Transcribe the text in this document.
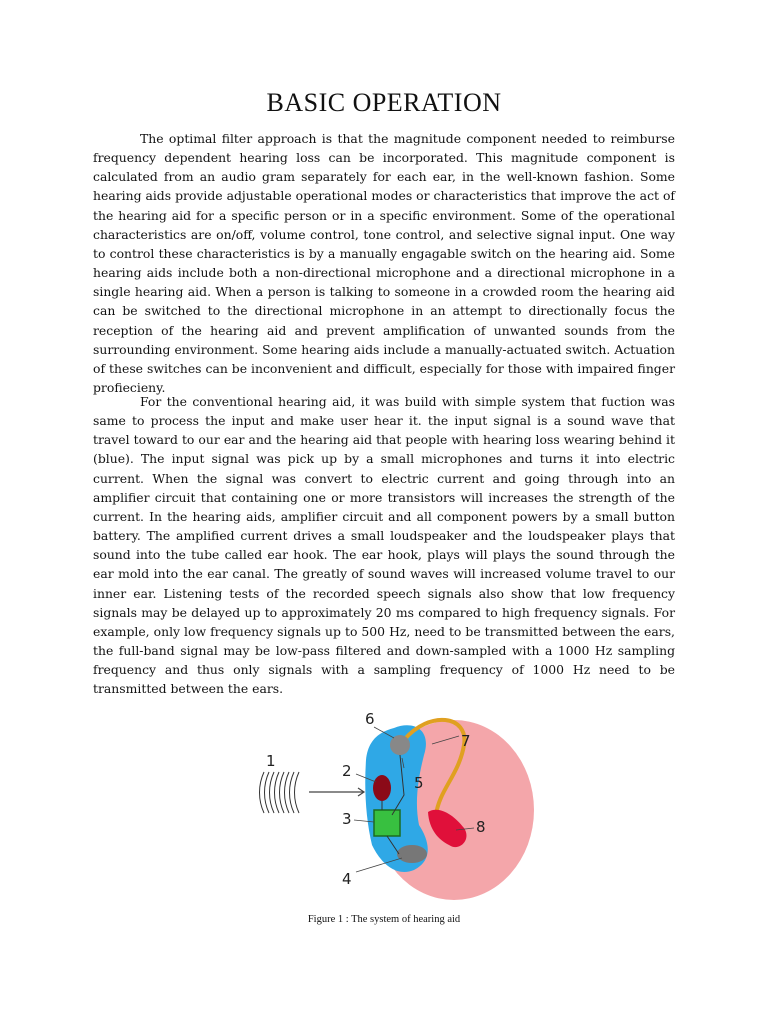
BASIC OPERATION

The optimal filter approach is that the magnitude component needed to reimburse frequency dependent hearing loss can be incorporated. This magnitude component is calculated from an audio gram separately for each ear, in the well-known fashion. Some hearing aids provide adjustable operational modes or characteristics that improve the act of the hearing aid for a specific person or in a specific environment. Some of the operational characteristics are on/off, volume control, tone control, and selective signal input. One way to control these characteristics is by a manually engagable switch on the hearing aid. Some hearing aids include both a non-directional microphone and a directional microphone in a single hearing aid. When a person is talking to someone in a crowded room the hearing aid can be switched to the directional microphone in an attempt to directionally focus the reception of the hearing aid and prevent amplification of unwanted sounds from the surrounding environment. Some hearing aids include a manually-actuated switch. Actuation of these switches can be inconvenient and difficult, especially for those with impaired finger profiecieny.

For the conventional hearing aid, it was build with simple system that fuction was same to process the input and make user hear it. the input signal is a sound wave that travel toward to our ear and the hearing aid that people with hearing loss wearing behind it (blue). The input signal was pick up by a small microphones and turns it into electric current. When the signal was convert to electric current and going through into an amplifier circuit that containing one or more transistors will increases the strength of the current. In the hearing aids, amplifier circuit and all component powers by a small button battery. The amplified current drives a small loudspeaker and the loudspeaker plays that sound into the tube called ear hook. The ear hook, plays will plays the sound through the ear mold into the ear canal. The greatly of sound waves will increased volume travel to our inner ear. Listening tests of the recorded speech signals also show that low frequency signals may be delayed up to approximately 20 ms compared to high frequency signals. For example, only low frequency signals up to 500 Hz, need to be transmitted between the ears, the full-band signal may be low-pass filtered and down-sampled with a 1000 Hz sampling frequency and thus only signals with a sampling frequency of 1000 Hz need to be transmitted between the ears.

1
2
3
4
5
6
7
8
Figure 1 : The system of hearing aid
